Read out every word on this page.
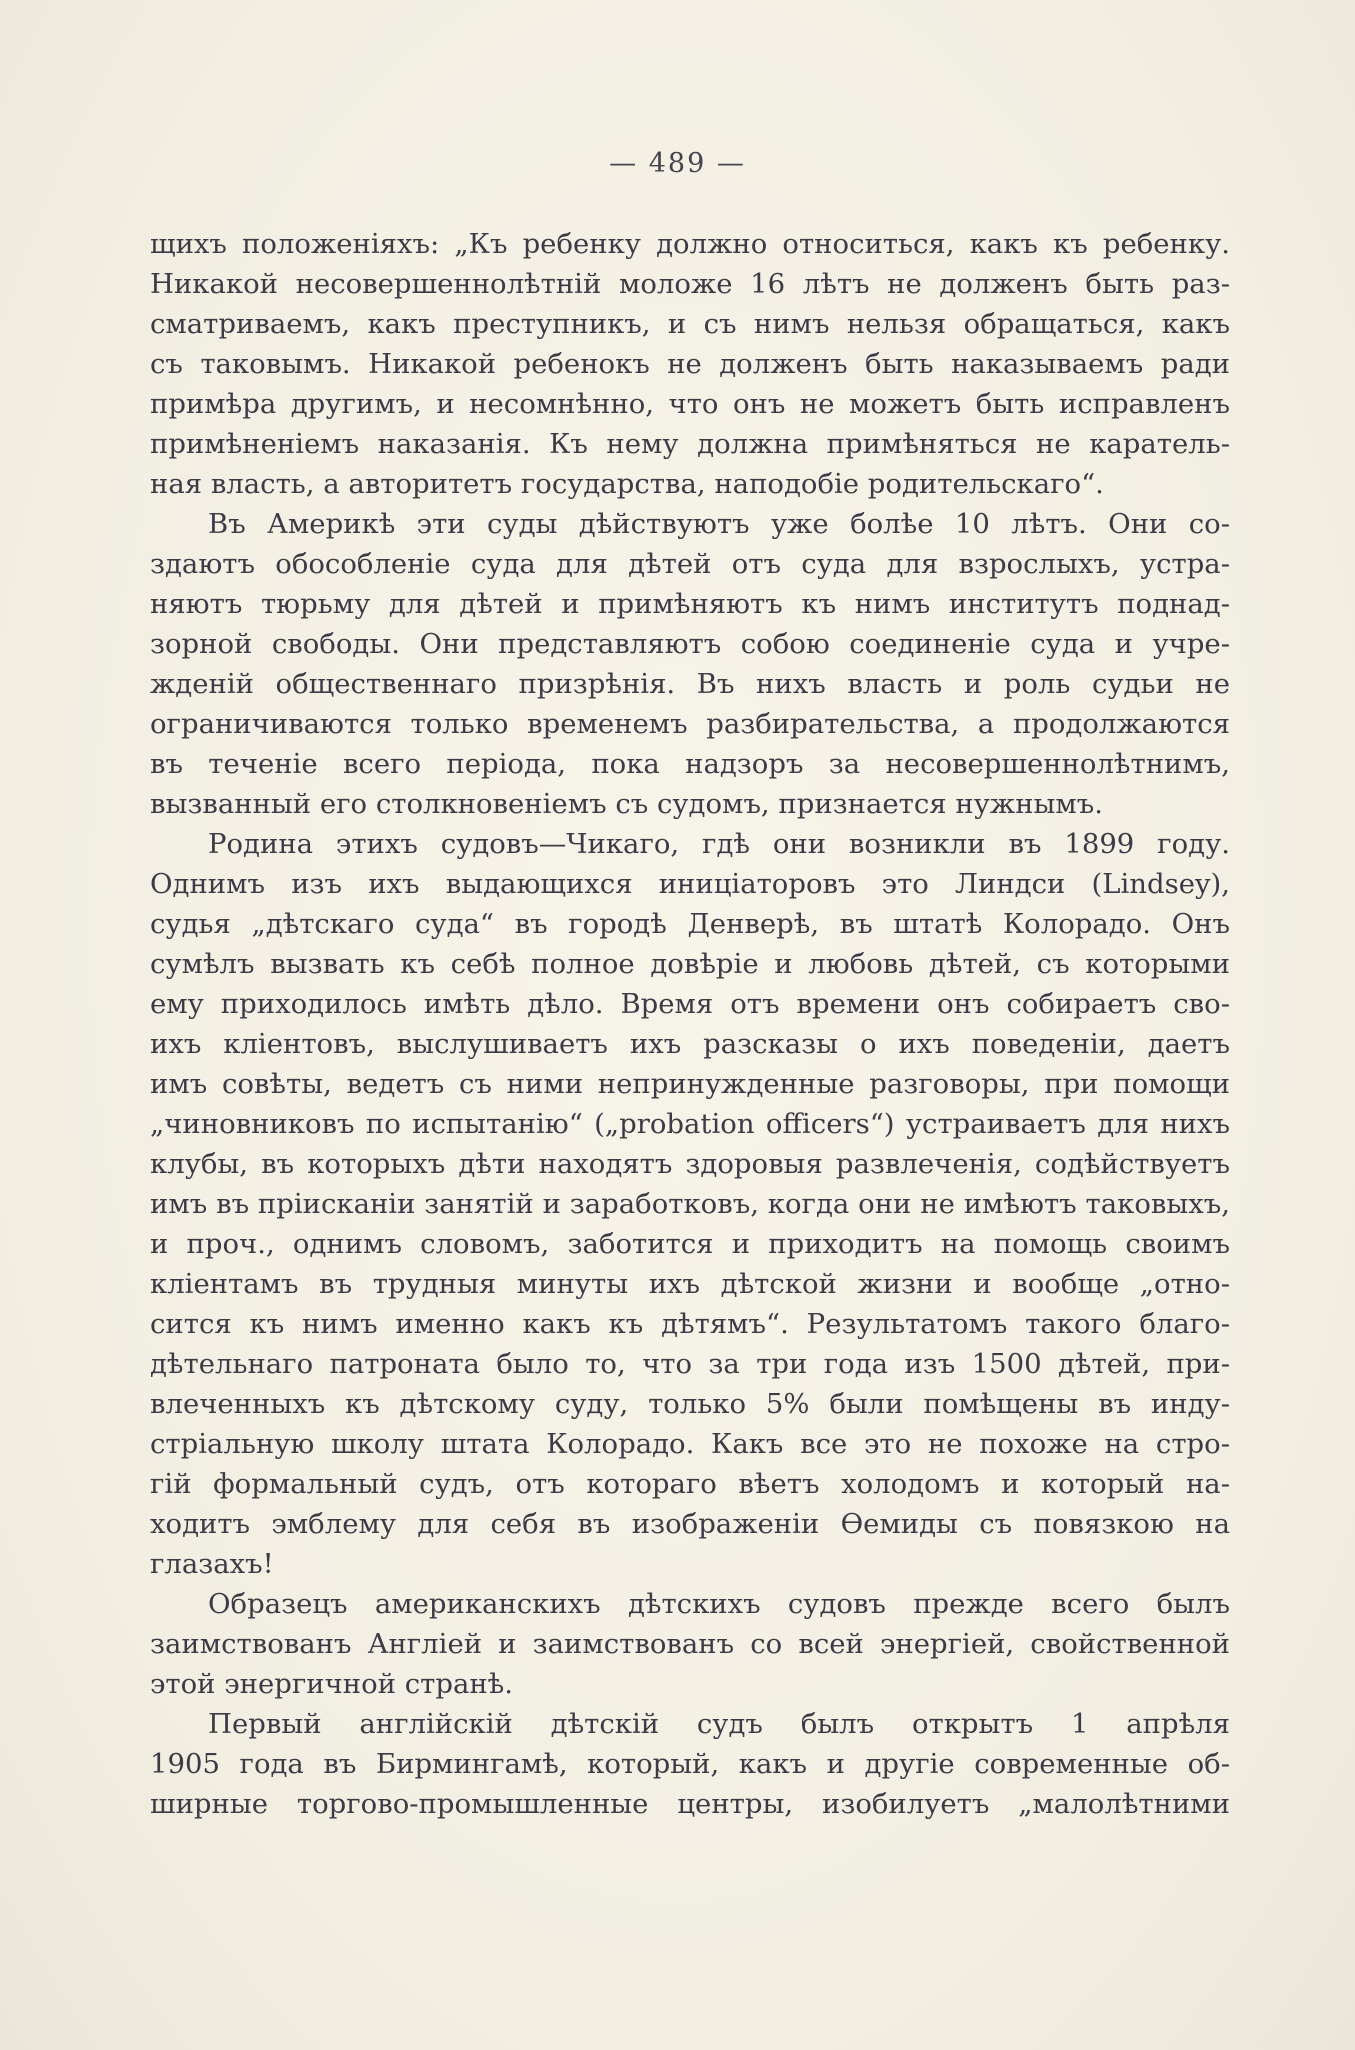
— 489 —
щихъ положеніяхъ: „Къ ребенку должно относиться, какъ къ ребенку.
Никакой несовершеннолѣтній моложе 16 лѣтъ не долженъ быть раз-
сматриваемъ, какъ преступникъ, и съ нимъ нельзя обращаться, какъ
съ таковымъ. Никакой ребенокъ не долженъ быть наказываемъ ради
примѣра другимъ, и несомнѣнно, что онъ не можетъ быть исправленъ
примѣненіемъ наказанія. Къ нему должна примѣняться не каратель-
ная власть, а авторитетъ государства, наподобіе родительскаго“.
Въ Америкѣ эти суды дѣйствуютъ уже болѣе 10 лѣтъ. Они со-
здаютъ обособленіе суда для дѣтей отъ суда для взрослыхъ, устра-
няютъ тюрьму для дѣтей и примѣняютъ къ нимъ институтъ поднад-
зорной свободы. Они представляютъ собою соединеніе суда и учре-
жденій общественнаго призрѣнія. Въ нихъ власть и роль судьи не
ограничиваются только временемъ разбирательства, а продолжаются
въ теченіе всего періода, пока надзоръ за несовершеннолѣтнимъ,
вызванный его столкновеніемъ съ судомъ, признается нужнымъ.
Родина этихъ судовъ—Чикаго, гдѣ они возникли въ 1899 году.
Однимъ изъ ихъ выдающихся иниціаторовъ это Линдси (Lindsey),
судья „дѣтскаго суда“ въ городѣ Денверѣ, въ штатѣ Колорадо. Онъ
сумѣлъ вызвать къ себѣ полное довѣріе и любовь дѣтей, съ которыми
ему приходилось имѣть дѣло. Время отъ времени онъ собираетъ сво-
ихъ кліентовъ, выслушиваетъ ихъ разсказы о ихъ поведеніи, даетъ
имъ совѣты, ведетъ съ ними непринужденные разговоры, при помощи
„чиновниковъ по испытанію“ („probation officers“) устраиваетъ для нихъ
клубы, въ которыхъ дѣти находятъ здоровыя развлеченія, содѣйствуетъ
имъ въ пріисканіи занятій и заработковъ, когда они не имѣютъ таковыхъ,
и проч., однимъ словомъ, заботится и приходитъ на помощь своимъ
кліентамъ въ трудныя минуты ихъ дѣтской жизни и вообще „отно-
сится къ нимъ именно какъ къ дѣтямъ“. Результатомъ такого благо-
дѣтельнаго патроната было то, что за три года изъ 1500 дѣтей, при-
влеченныхъ къ дѣтскому суду, только 5% были помѣщены въ инду-
стріальную школу штата Колорадо. Какъ все это не похоже на стро-
гій формальный судъ, отъ котораго вѣетъ холодомъ и который на-
ходитъ эмблему для себя въ изображеніи Ѳемиды съ повязкою на
глазахъ!
Образецъ американскихъ дѣтскихъ судовъ прежде всего былъ
заимствованъ Англіей и заимствованъ со всей энергіей, свойственной
этой энергичной странѣ.
Первый англійскій дѣтскій судъ былъ открытъ 1 апрѣля
1905 года въ Бирмингамѣ, который, какъ и другіе современные об-
ширные торгово-промышленные центры, изобилуетъ „малолѣтними
